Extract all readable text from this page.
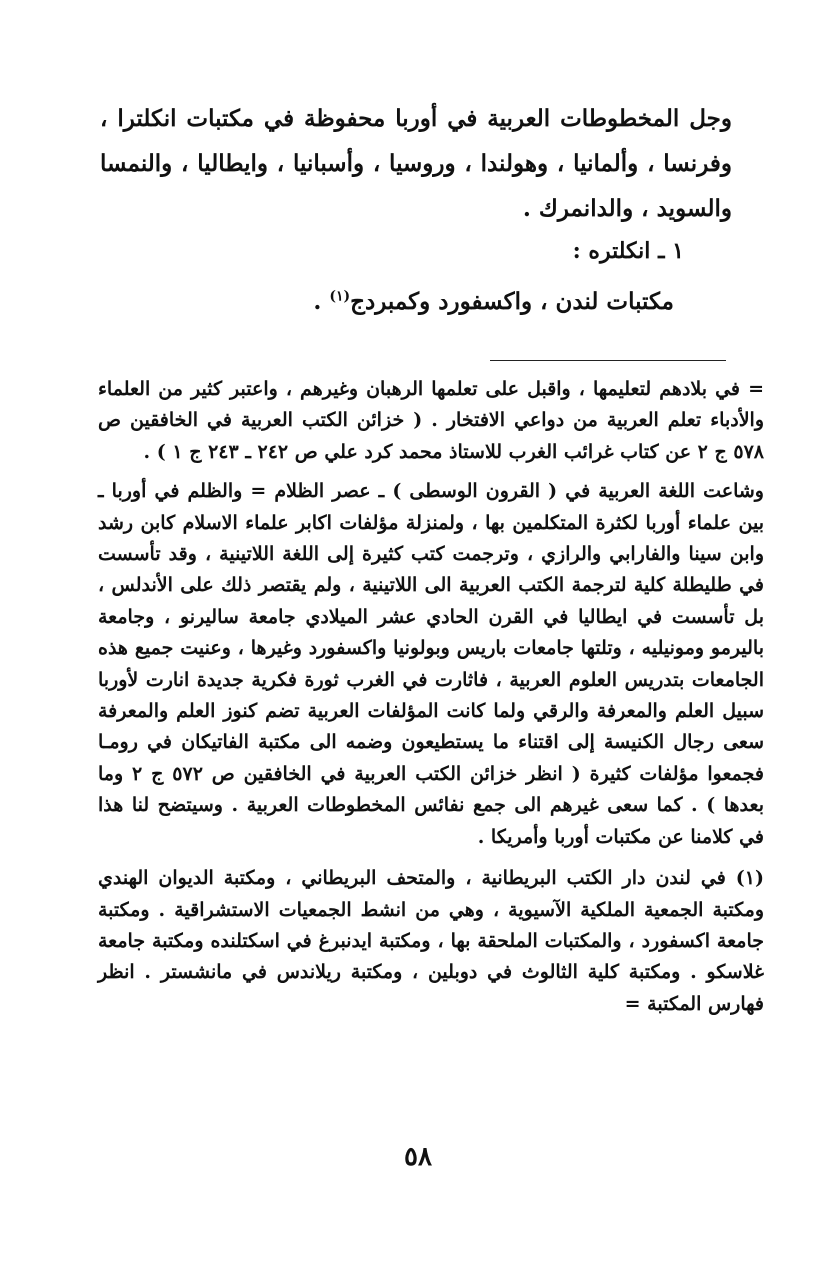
وجل المخطوطات العربية في أوربا محفوظة في مكتبات انكلترا ، وفرنسا ، وألمانيا ، وهولندا ، وروسيا ، وأسبانيا ، وايطاليا ، والنمسا والسويد ، والدانمرك .

١ ـ انكلتره :
مكتبات لندن ، واكسفورد وكمبردج$^{(١)}$ .

= في بلادهم لتعليمها ، واقبل على تعلمها الرهبان وغيرهم ، واعتبر كثير من العلماء والأدباء تعلم العربية من دواعي الافتخار . ( خزائن الكتب العربية في الخافقين ص ٥٧٨ ج ٢ عن كتاب غرائب الغرب للاستاذ محمد كرد علي ص ٢٤٢ ـ ٢٤٣ ج ١ ) .

وشاعت اللغة العربية في ( القرون الوسطى ) ـ عصر الظلام = والظلم في أوربا ـ بين علماء أوربا لكثرة المتكلمين بها ، ولمنزلة مؤلفات اكابر علماء الاسلام كابن رشد وابن سينا والفارابي والرازي ، وترجمت كتب كثيرة إلى اللغة اللاتينية ، وقد تأسست في طليطلة كلية لترجمة الكتب العربية الى اللاتينية ، ولم يقتصر ذلك على الأندلس ، بل تأسست في ايطاليا في القرن الحادي عشر الميلادي جامعة ساليرنو ، وجامعة باليرمو ومونيليه ، وتلتها جامعات باريس وبولونيا واكسفورد وغيرها ، وعنيت جميع هذه الجامعات بتدريس العلوم العربية ، فاثارت في الغرب ثورة فكرية جديدة انارت لأوربا سبيل العلم والمعرفة والرقي ولما كانت المؤلفات العربية تضم كنوز العلم والمعرفة سعى رجال الكنيسة إلى اقتناء ما يستطيعون وضمه الى مكتبة الفاتيكان في رومـا فجمعوا مؤلفات كثيرة ( انظر خزائن الكتب العربية في الخافقين ص ٥٧٢ ج ٢ وما بعدها ) . كما سعى غيرهم الى جمع نفائس المخطوطات العربية . وسيتضح لنا هذا في كلامنا عن مكتبات أوربا وأمريكا .

(١) في لندن دار الكتب البريطانية ، والمتحف البريطاني ، ومكتبة الديوان الهندي ومكتبة الجمعية الملكية الآسيوية ، وهي من انشط الجمعيات الاستشراقية . ومكتبة جامعة اكسفورد ، والمكتبات الملحقة بها ، ومكتبة ايدنبرغ في اسكتلنده ومكتبة جامعة غلاسكو . ومكتبة كلية الثالوث في دوبلين ، ومكتبة ريلاندس في مانشستر . انظر فهارس المكتبة =

٥٨
